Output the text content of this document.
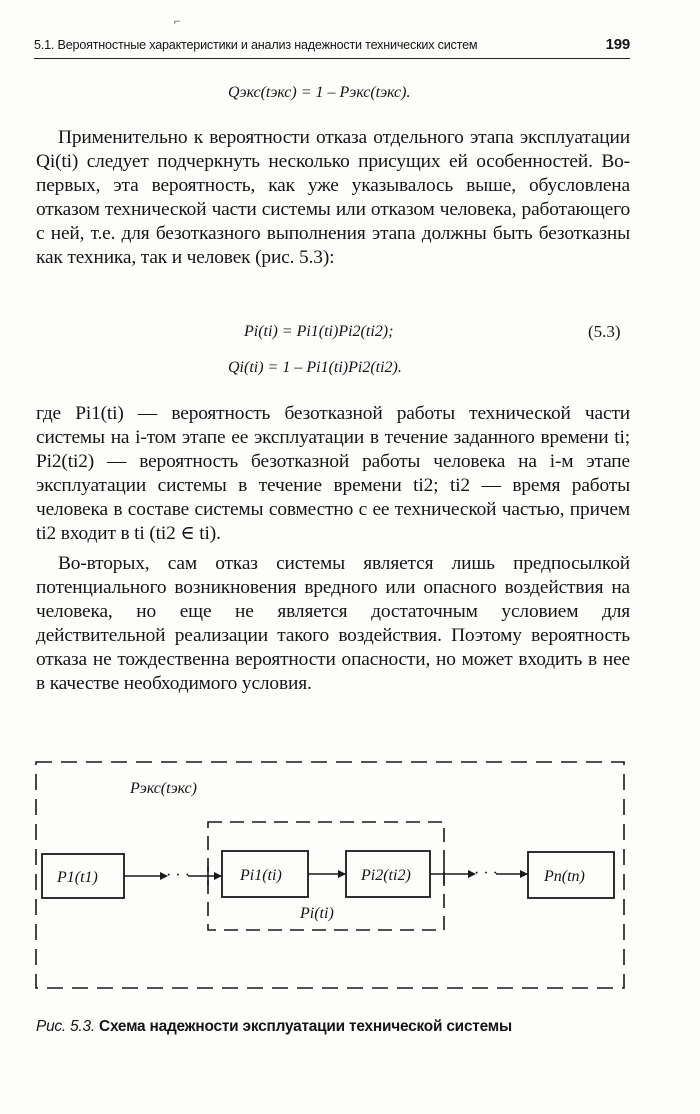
⌐
5.1. Вероятностные характеристики и анализ надежности технических систем	199
Qэкс(tэкс) = 1 – Pэкс(tэкс).
Применительно к вероятности отказа отдельного этапа эксплуатации Qi(ti) следует подчеркнуть несколько присущих ей особенностей. Во-первых, эта вероятность, как уже указывалось выше, обусловлена отказом технической части системы или отказом человека, работающего с ней, т.е. для безотказного выполнения этапа должны быть безотказны как техника, так и человек (рис. 5.3):
Pi(ti) = Pi1(ti)Pi2(ti2);	(5.3)
Qi(ti) = 1 – Pi1(ti)Pi2(ti2).
где Pi1(ti) — вероятность безотказной работы технической части системы на i-том этапе ее эксплуатации в течение заданного времени ti; Pi2(ti2) — вероятность безотказной работы человека на i-м этапе эксплуатации системы в течение времени ti2; ti2 — время работы человека в составе системы совместно с ее технической частью, причем ti2 входит в ti (ti2 ∈ ti).
Во-вторых, сам отказ системы является лишь предпосылкой потенциального возникновения вредного или опасного воздействия на человека, но еще не является достаточным условием для действительной реализации такого воздействия. Поэтому вероятность отказа не тождественна вероятности опасности, но может входить в нее в качестве необходимого условия.
Pэкс(tэкс)
Pi(ti)
P1(t1)	Pi1(ti)	Pi2(ti2)	Pn(tn)
· · ·	· · ·
Рис. 5.3. Схема надежности эксплуатации технической системы
